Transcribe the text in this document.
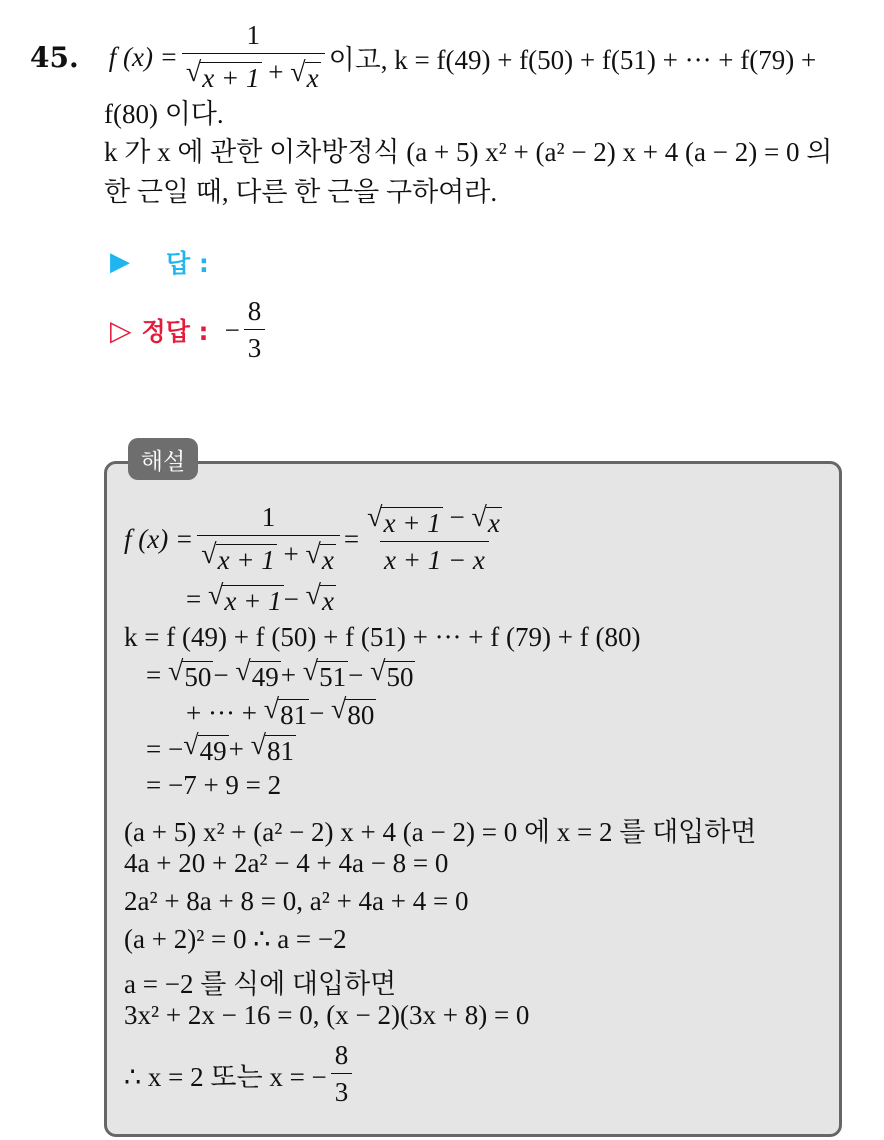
45. f $(x) = \frac{1}{√ x + 1 + √ x}$ 이고, k = f(49) + f(50) + f(51) + ··· + f(79) +
f(80) 이다.
k 가 x 에 관한 이차방정식 (a + 5) x² + (a² − 2) x + 4 (a − 2) = 0 의
한 근일 때, 다른 한 근을 구하여라.
▶ 답 :
▷ 정답 : − $\frac{8}{3}$
해설
f $(x) = \frac{1}{√ x + 1 + √ x} = \frac{√ x + 1 - √ x}{x + 1 - x}$
=
√ x + 1 −
√ x
k = f (49) + f (50) + f (51) + ··· + f (79) + f (80)
=
√ 50 −
√ 49 +
√ 51 −
√ 50
+ ··· +
√ 81 −
√ 80
= − √ 49 +
√ 81
= −7 + 9 = 2
(a + 5) x² + (a² − 2) x + 4 (a − 2) = 0 에 x = 2 를 대입하면
4a + 20 + 2a² − 4 + 4a − 8 = 0
2a² + 8a + 8 = 0, a² + 4a + 4 = 0
(a + 2)² = 0 ∴ a = −2
a = −2 를 식에 대입하면
3x² + 2x − 16 = 0, (x − 2)(3x + 8) = 0
∴ x = 2 또는 x = − $\frac{8}{3}$
